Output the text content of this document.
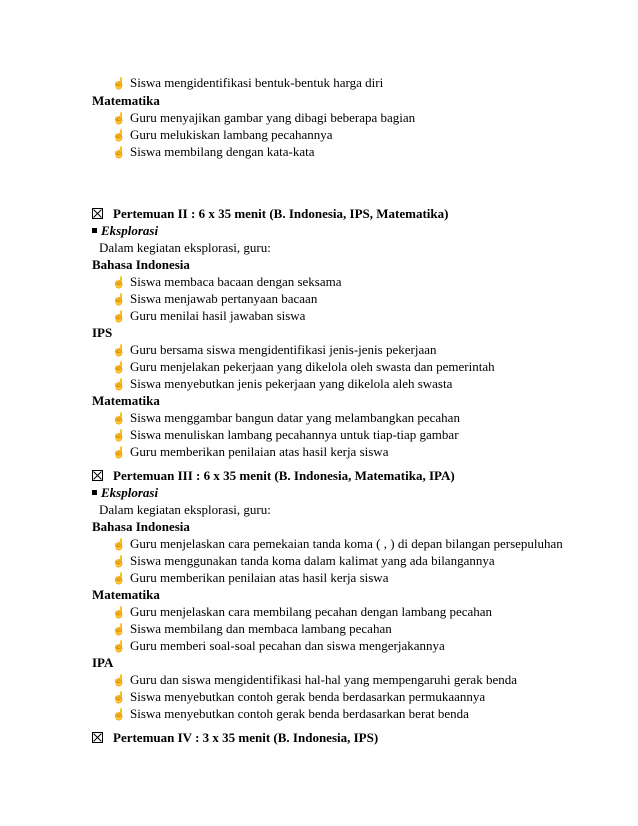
☝ Siswa mengidentifikasi bentuk-bentuk harga diri
Matematika
☝ Guru menyajikan gambar yang dibagi beberapa bagian
☝ Guru melukiskan lambang pecahannya
☝ Siswa membilang dengan kata-kata
Pertemuan II : 6 x 35 menit (B. Indonesia, IPS, Matematika)
Eksplorasi
Dalam kegiatan eksplorasi, guru:
Bahasa Indonesia
☝ Siswa membaca bacaan dengan seksama
☝ Siswa menjawab pertanyaan bacaan
☝ Guru menilai hasil jawaban siswa
IPS
☝ Guru bersama siswa mengidentifikasi jenis-jenis pekerjaan
☝ Guru menjelakan pekerjaan yang dikelola oleh swasta dan pemerintah
☝ Siswa menyebutkan jenis pekerjaan yang dikelola aleh swasta
Matematika
☝ Siswa menggambar bangun datar yang melambangkan pecahan
☝ Siswa menuliskan lambang pecahannya untuk tiap-tiap gambar
☝ Guru memberikan penilaian atas hasil kerja siswa
Pertemuan III : 6 x 35 menit (B. Indonesia, Matematika, IPA)
Eksplorasi
Dalam kegiatan eksplorasi, guru:
Bahasa Indonesia
☝ Guru menjelaskan cara pemekaian tanda koma ( , ) di depan bilangan persepuluhan
☝ Siswa menggunakan tanda koma dalam kalimat yang ada bilangannya
☝ Guru memberikan penilaian atas hasil kerja siswa
Matematika
☝ Guru menjelaskan cara membilang pecahan dengan lambang pecahan
☝ Siswa membilang dan membaca lambang pecahan
☝ Guru memberi soal-soal pecahan dan siswa mengerjakannya
IPA
☝ Guru dan siswa mengidentifikasi hal-hal yang mempengaruhi gerak benda
☝ Siswa menyebutkan contoh gerak benda berdasarkan permukaannya
☝ Siswa menyebutkan contoh gerak benda berdasarkan berat benda
Pertemuan IV : 3 x 35 menit (B. Indonesia, IPS)
